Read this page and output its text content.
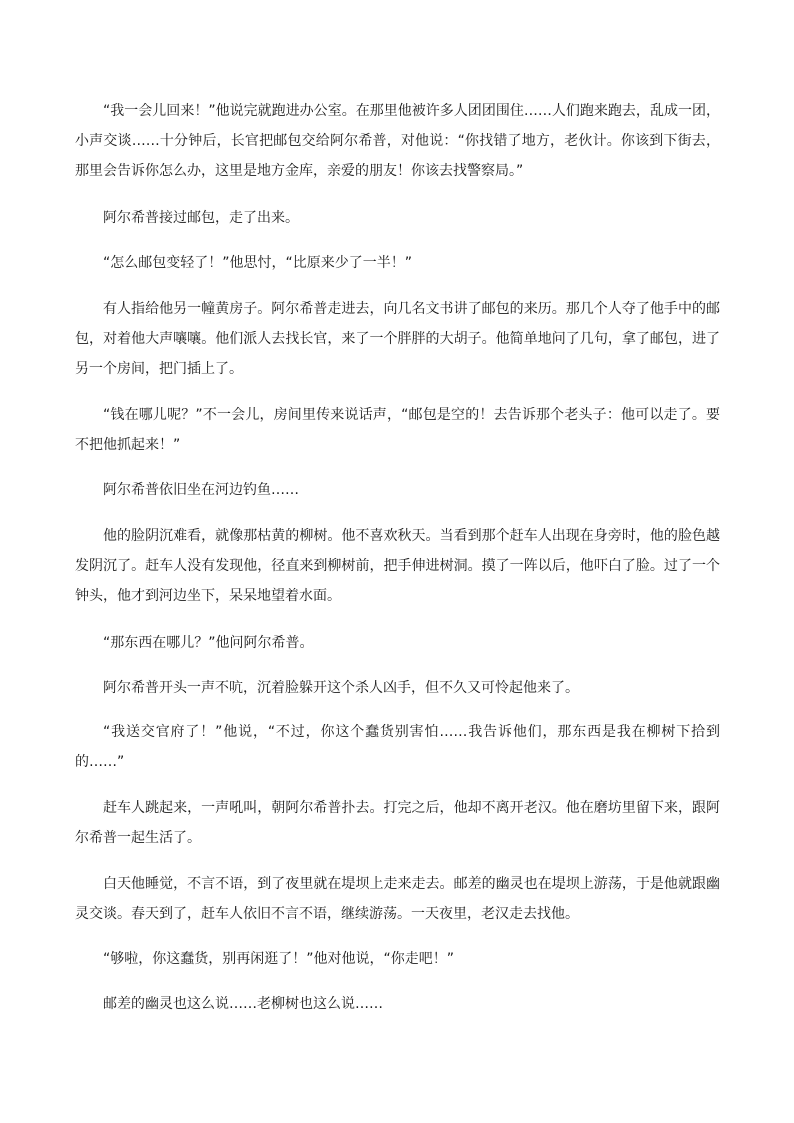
“我一会儿回来！”他说完就跑进办公室。在那里他被许多人团团围住……人们跑来跑去，乱成一团，小声交谈……十分钟后，长官把邮包交给阿尔希普，对他说：“你找错了地方，老伙计。你该到下街去，那里会告诉你怎么办，这里是地方金库，亲爱的朋友！你该去找警察局。”

阿尔希普接过邮包，走了出来。

“怎么邮包变轻了！”他思忖，“比原来少了一半！”

有人指给他另一幢黄房子。阿尔希普走进去，向几名文书讲了邮包的来历。那几个人夺了他手中的邮包，对着他大声嚷嚷。他们派人去找长官，来了一个胖胖的大胡子。他简单地问了几句，拿了邮包，进了另一个房间，把门插上了。

“钱在哪儿呢？”不一会儿，房间里传来说话声，“邮包是空的！去告诉那个老头子：他可以走了。要不把他抓起来！”

阿尔希普依旧坐在河边钓鱼……

他的脸阴沉难看，就像那枯黄的柳树。他不喜欢秋天。当看到那个赶车人出现在身旁时，他的脸色越发阴沉了。赶车人没有发现他，径直来到柳树前，把手伸进树洞。摸了一阵以后，他吓白了脸。过了一个钟头，他才到河边坐下，呆呆地望着水面。

“那东西在哪儿？”他问阿尔希普。

阿尔希普开头一声不吭，沉着脸躲开这个杀人凶手，但不久又可怜起他来了。

“我送交官府了！”他说，“不过，你这个蠢货别害怕……我告诉他们，那东西是我在柳树下拾到的……”

赶车人跳起来，一声吼叫，朝阿尔希普扑去。打完之后，他却不离开老汉。他在磨坊里留下来，跟阿尔希普一起生活了。

白天他睡觉，不言不语，到了夜里就在堤坝上走来走去。邮差的幽灵也在堤坝上游荡，于是他就跟幽灵交谈。春天到了，赶车人依旧不言不语，继续游荡。一天夜里，老汉走去找他。

“够啦，你这蠢货，别再闲逛了！”他对他说，“你走吧！”

邮差的幽灵也这么说……老柳树也这么说……
